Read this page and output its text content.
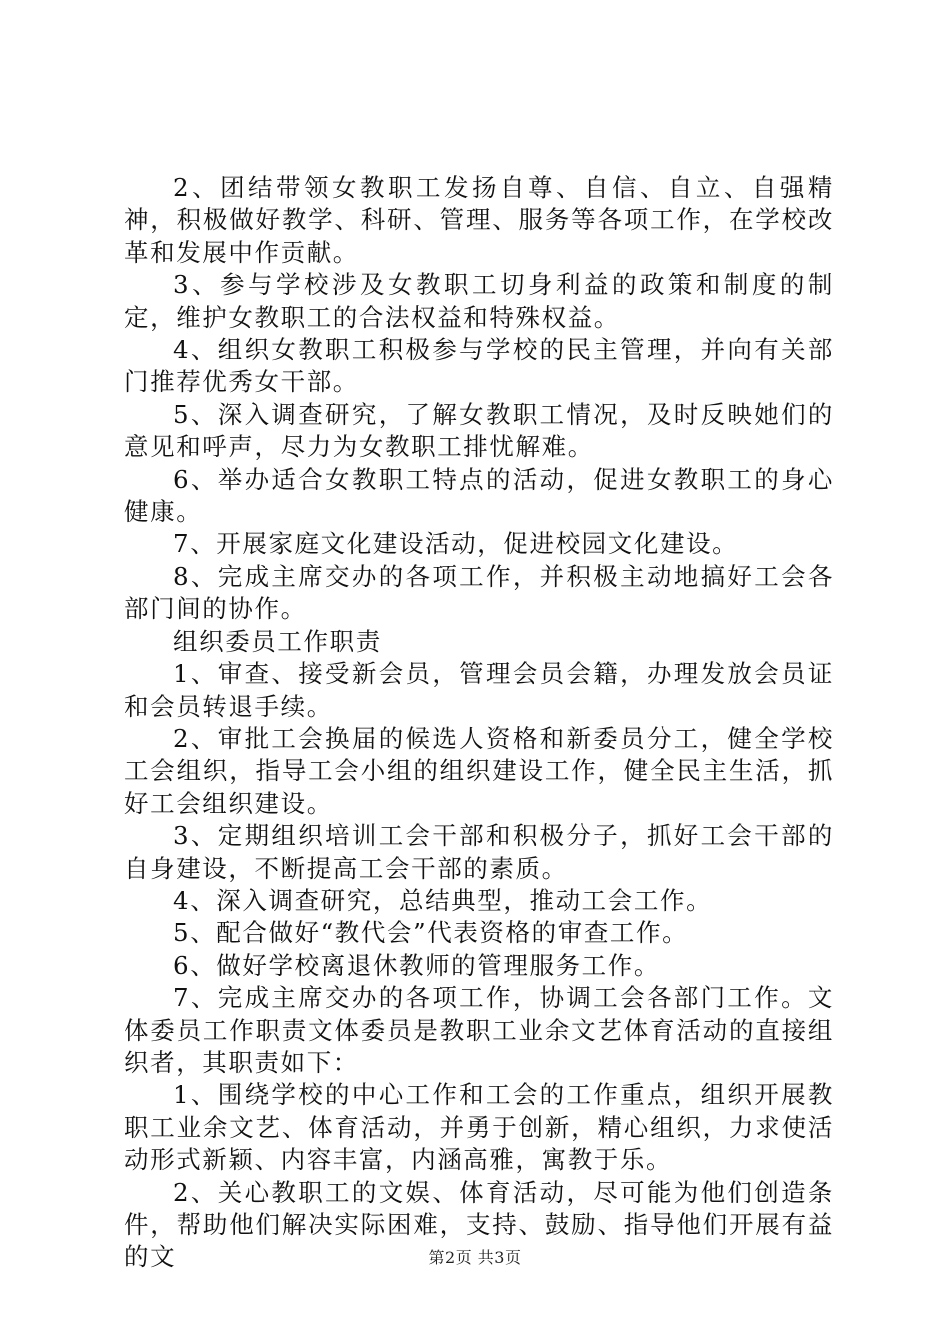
2、团结带领女教职工发扬自尊、自信、自立、自强精神，积极做好教学、科研、管理、服务等各项工作，在学校改革和发展中作贡献。

3、参与学校涉及女教职工切身利益的政策和制度的制定，维护女教职工的合法权益和特殊权益。

4、组织女教职工积极参与学校的民主管理，并向有关部门推荐优秀女干部。

5、深入调查研究，了解女教职工情况，及时反映她们的意见和呼声，尽力为女教职工排忧解难。

6、举办适合女教职工特点的活动，促进女教职工的身心健康。

7、开展家庭文化建设活动，促进校园文化建设。

8、完成主席交办的各项工作，并积极主动地搞好工会各部门间的协作。

组织委员工作职责

1、审查、接受新会员，管理会员会籍，办理发放会员证和会员转退手续。

2、审批工会换届的候选人资格和新委员分工，健全学校工会组织，指导工会小组的组织建设工作，健全民主生活，抓好工会组织建设。

3、定期组织培训工会干部和积极分子，抓好工会干部的自身建设，不断提高工会干部的素质。

4、深入调查研究，总结典型，推动工会工作。

5、配合做好“教代会”代表资格的审查工作。

6、做好学校离退休教师的管理服务工作。

7、完成主席交办的各项工作，协调工会各部门工作。文体委员工作职责文体委员是教职工业余文艺体育活动的直接组织者，其职责如下：

1、围绕学校的中心工作和工会的工作重点，组织开展教职工业余文艺、体育活动，并勇于创新，精心组织，力求使活动形式新颖、内容丰富，内涵高雅，寓教于乐。

2、关心教职工的文娱、体育活动，尽可能为他们创造条件，帮助他们解决实际困难，支持、鼓励、指导他们开展有益的文	第2页 共3页
